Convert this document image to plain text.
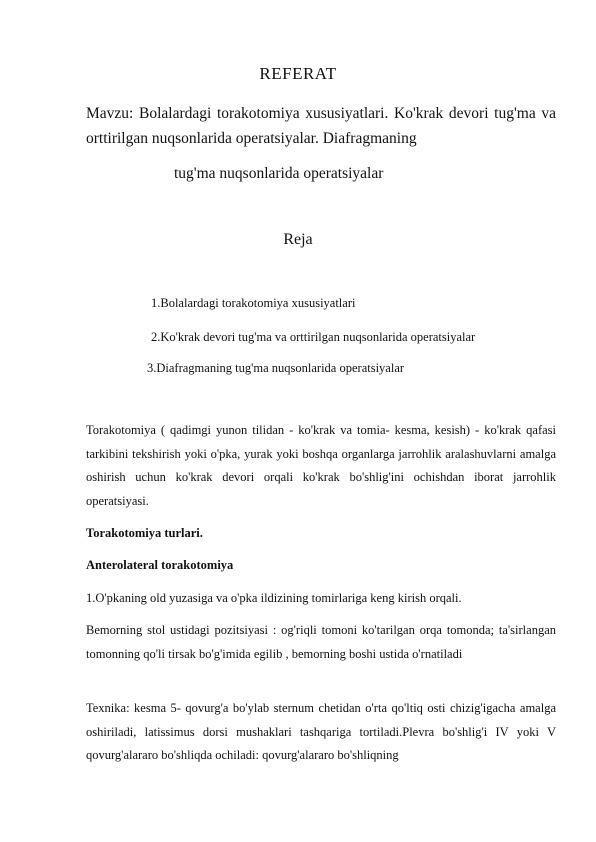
REFERAT
Mavzu: Bolalardagi torakotomiya xususiyatlari. Ko'krak devori tug'ma va orttirilgan nuqsonlarida operatsiyalar. Diafragmaning
tug'ma nuqsonlarida operatsiyalar
Reja
1.Bolalardagi torakotomiya xususiyatlari
2.Ko'krak devori tug'ma va orttirilgan nuqsonlarida operatsiyalar
3.Diafragmaning tug'ma nuqsonlarida operatsiyalar
Torakotomiya ( qadimgi yunon tilidan - ko'krak va tomia- kesma, kesish) - ko'krak qafasi tarkibini tekshirish yoki o'pka, yurak yoki boshqa organlarga jarrohlik aralashuvlarni amalga oshirish uchun ko'krak devori orqali ko'krak bo'shlig'ini ochishdan iborat jarrohlik operatsiyasi.
Torakotomiya turlari.
Anterolateral torakotomiya
1.O'pkaning old yuzasiga va o'pka ildizining tomirlariga keng kirish orqali.
Bemorning stol ustidagi pozitsiyasi : og'riqli tomoni ko'tarilgan orqa tomonda; ta'sirlangan tomonning qo'li tirsak bo'g'imida egilib , bemorning boshi ustida o'rnatiladi
Texnika: kesma 5- qovurg'a bo'ylab sternum chetidan o'rta qo'ltiq osti chizig'igacha amalga oshiriladi, latissimus dorsi mushaklari tashqariga tortiladi.Plevra bo'shlig'i IV yoki V qovurg'alararo bo'shliqda ochiladi: qovurg'alararo bo'shliqning
